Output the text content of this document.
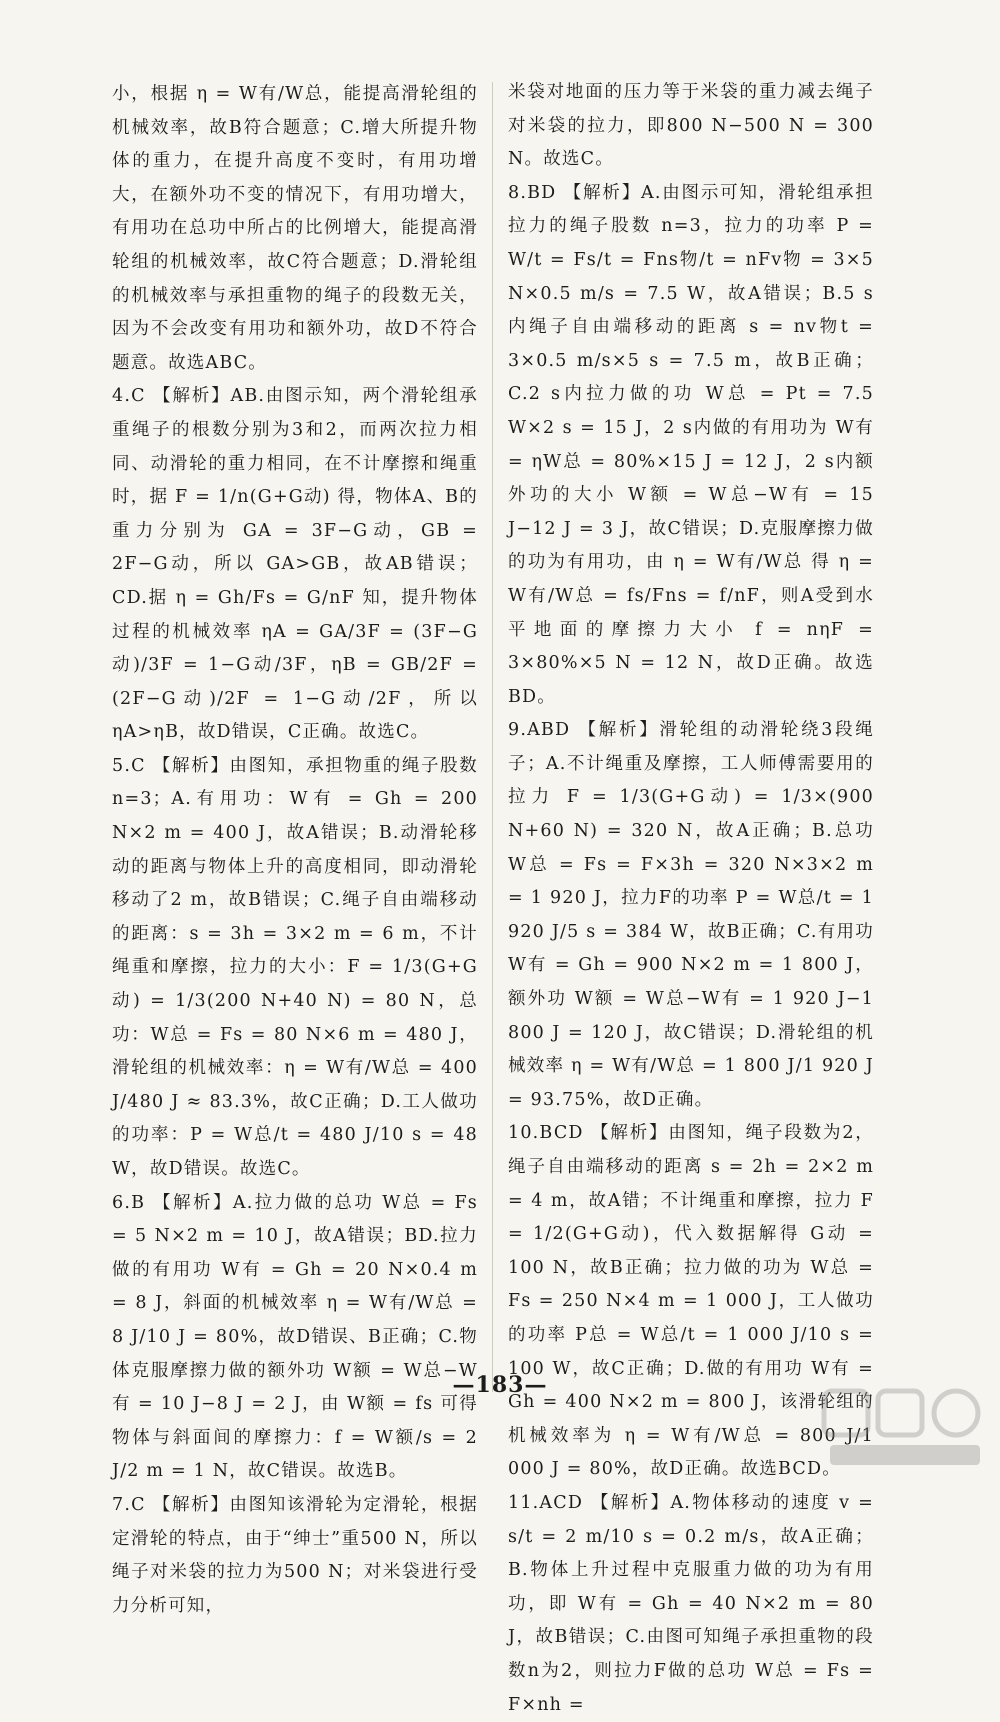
小，根据 η = W有/W总，能提高滑轮组的机械效率，故B符合题意；C.增大所提升物体的重力，在提升高度不变时，有用功增大，在额外功不变的情况下，有用功增大，有用功在总功中所占的比例增大，能提高滑轮组的机械效率，故C符合题意；D.滑轮组的机械效率与承担重物的绳子的段数无关，因为不会改变有用功和额外功，故D不符合题意。故选ABC。

4.C 【解析】AB.由图示知，两个滑轮组承重绳子的根数分别为3和2，而两次拉力相同、动滑轮的重力相同，在不计摩擦和绳重时，据 F = 1/n(G+G动) 得，物体A、B的重力分别为 GA = 3F−G动，GB = 2F−G动，所以 GA>GB，故AB错误；CD.据 η = Gh/Fs = G/nF 知，提升物体过程的机械效率 ηA = GA/3F = (3F−G动)/3F = 1−G动/3F，ηB = GB/2F = (2F−G动)/2F = 1−G动/2F，所以 ηA>ηB，故D错误，C正确。故选C。

5.C 【解析】由图知，承担物重的绳子股数 n=3；A.有用功：W有 = Gh = 200 N×2 m = 400 J，故A错误；B.动滑轮移动的距离与物体上升的高度相同，即动滑轮移动了2 m，故B错误；C.绳子自由端移动的距离：s = 3h = 3×2 m = 6 m，不计绳重和摩擦，拉力的大小：F = 1/3(G+G动) = 1/3(200 N+40 N) = 80 N，总功：W总 = Fs = 80 N×6 m = 480 J，滑轮组的机械效率：η = W有/W总 = 400 J/480 J ≈ 83.3%，故C正确；D.工人做功的功率：P = W总/t = 480 J/10 s = 48 W，故D错误。故选C。

6.B 【解析】A.拉力做的总功 W总 = Fs = 5 N×2 m = 10 J，故A错误；BD.拉力做的有用功 W有 = Gh = 20 N×0.4 m = 8 J，斜面的机械效率 η = W有/W总 = 8 J/10 J = 80%，故D错误、B正确；C.物体克服摩擦力做的额外功 W额 = W总−W有 = 10 J−8 J = 2 J，由 W额 = fs 可得物体与斜面间的摩擦力：f = W额/s = 2 J/2 m = 1 N，故C错误。故选B。

7.C 【解析】由图知该滑轮为定滑轮，根据定滑轮的特点，由于“绅士”重500 N，所以绳子对米袋的拉力为500 N；对米袋进行受力分析可知，

米袋对地面的压力等于米袋的重力减去绳子对米袋的拉力，即800 N−500 N = 300 N。故选C。

8.BD 【解析】A.由图示可知，滑轮组承担拉力的绳子股数 n=3，拉力的功率 P = W/t = Fs/t = Fns物/t = nFv物 = 3×5 N×0.5 m/s = 7.5 W，故A错误；B.5 s内绳子自由端移动的距离 s = nv物t = 3×0.5 m/s×5 s = 7.5 m，故B正确；C.2 s内拉力做的功 W总 = Pt = 7.5 W×2 s = 15 J，2 s内做的有用功为 W有 = ηW总 = 80%×15 J = 12 J，2 s内额外功的大小 W额 = W总−W有 = 15 J−12 J = 3 J，故C错误；D.克服摩擦力做的功为有用功，由 η = W有/W总 得 η = W有/W总 = fs/Fns = f/nF，则A受到水平地面的摩擦力大小 f = nηF = 3×80%×5 N = 12 N，故D正确。故选BD。

9.ABD 【解析】滑轮组的动滑轮绕3段绳子；A.不计绳重及摩擦，工人师傅需要用的拉力 F = 1/3(G+G动) = 1/3×(900 N+60 N) = 320 N，故A正确；B.总功 W总 = Fs = F×3h = 320 N×3×2 m = 1 920 J，拉力F的功率 P = W总/t = 1 920 J/5 s = 384 W，故B正确；C.有用功 W有 = Gh = 900 N×2 m = 1 800 J，额外功 W额 = W总−W有 = 1 920 J−1 800 J = 120 J，故C错误；D.滑轮组的机械效率 η = W有/W总 = 1 800 J/1 920 J = 93.75%，故D正确。

10.BCD 【解析】由图知，绳子段数为2，绳子自由端移动的距离 s = 2h = 2×2 m = 4 m，故A错；不计绳重和摩擦，拉力 F = 1/2(G+G动)，代入数据解得 G动 = 100 N，故B正确；拉力做的功为 W总 = Fs = 250 N×4 m = 1 000 J，工人做功的功率 P总 = W总/t = 1 000 J/10 s = 100 W，故C正确；D.做的有用功 W有 = Gh = 400 N×2 m = 800 J，该滑轮组的机械效率为 η = W有/W总 = 800 J/1 000 J = 80%，故D正确。故选BCD。

11.ACD 【解析】A.物体移动的速度 v = s/t = 2 m/10 s = 0.2 m/s，故A正确；B.物体上升过程中克服重力做的功为有用功，即 W有 = Gh = 40 N×2 m = 80 J，故B错误；C.由图可知绳子承担重物的段数n为2，则拉力F做的总功 W总 = Fs = F×nh =

—183—
